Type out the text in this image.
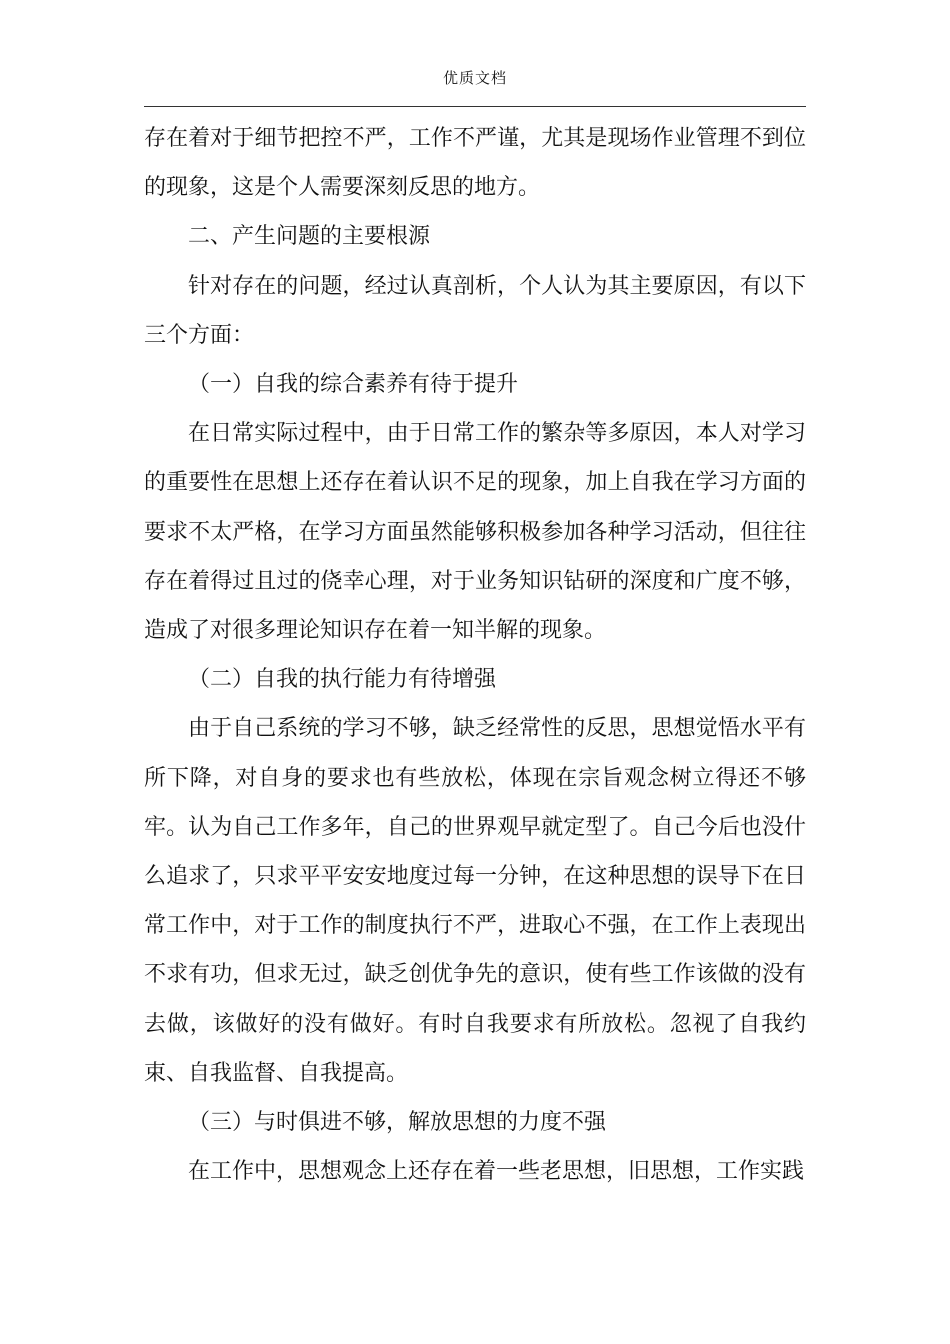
优质文档

存在着对于细节把控不严，工作不严谨，尤其是现场作业管理不到位的现象，这是个人需要深刻反思的地方。

二、产生问题的主要根源

针对存在的问题，经过认真剖析，个人认为其主要原因，有以下三个方面：

（一）自我的综合素养有待于提升

在日常实际过程中，由于日常工作的繁杂等多原因，本人对学习的重要性在思想上还存在着认识不足的现象，加上自我在学习方面的要求不太严格，在学习方面虽然能够积极参加各种学习活动，但往往存在着得过且过的侥幸心理，对于业务知识钻研的深度和广度不够，造成了对很多理论知识存在着一知半解的现象。

（二）自我的执行能力有待增强

由于自己系统的学习不够，缺乏经常性的反思，思想觉悟水平有所下降，对自身的要求也有些放松，体现在宗旨观念树立得还不够牢。认为自己工作多年，自己的世界观早就定型了。自己今后也没什么追求了，只求平平安安地度过每一分钟，在这种思想的误导下在日常工作中，对于工作的制度执行不严，进取心不强，在工作上表现出不求有功，但求无过，缺乏创优争先的意识，使有些工作该做的没有去做，该做好的没有做好。有时自我要求有所放松。忽视了自我约束、自我监督、自我提高。

（三）与时俱进不够，解放思想的力度不强

在工作中，思想观念上还存在着一些老思想，旧思想，工作实践
